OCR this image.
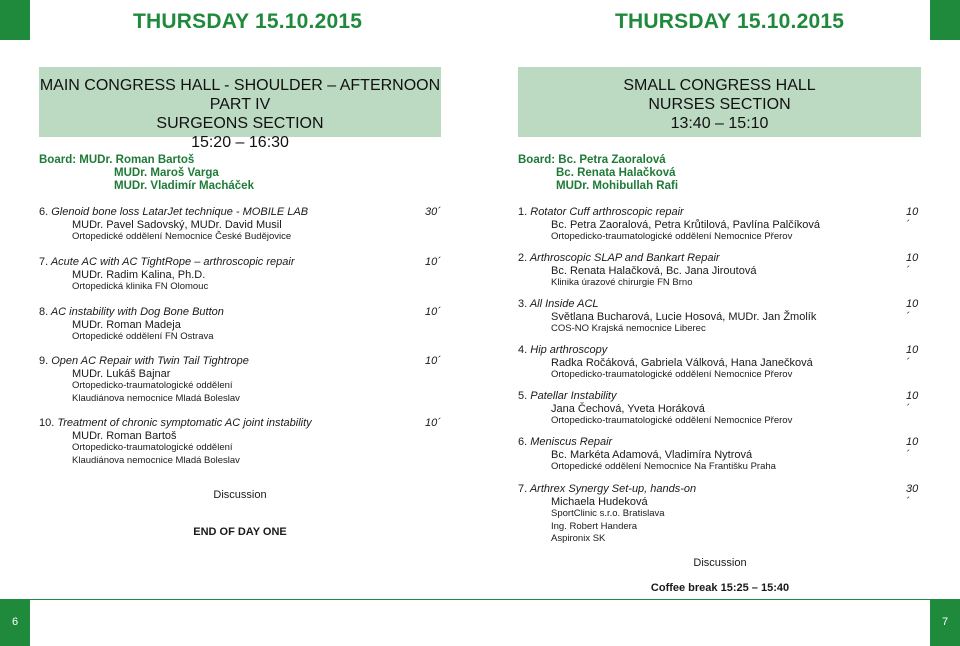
THURSDAY 15.10.2015
MAIN CONGRESS HALL - SHOULDER – AFTERNOON PART IV
SURGEONS SECTION
15:20 – 16:30
Board: MUDr. Roman Bartoš
MUDr. Maroš Varga
MUDr. Vladimír Macháček
6. Glenoid bone loss LatarJet technique - MOBILE LAB	30´
MUDr. Pavel Sadovský, MUDr. David Musil
Ortopedické oddělení Nemocnice České Budějovice
7. Acute AC with AC TightRope – arthroscopic repair	10´
MUDr. Radim Kalina, Ph.D.
Ortopedická klinika FN Olomouc
8. AC instability with Dog Bone Button	10´
MUDr. Roman Madeja
Ortopedické oddělení FN Ostrava
9. Open AC Repair with Twin Tail Tightrope	10´
MUDr. Lukáš Bajnar
Ortopedicko-traumatologické oddělení
Klaudiánova nemocnice Mladá Boleslav
10. Treatment of chronic symptomatic AC joint instability	10´
MUDr. Roman Bartoš
Ortopedicko-traumatologické oddělení
Klaudiánova nemocnice Mladá Boleslav
Discussion
END OF DAY ONE
THURSDAY 15.10.2015
SMALL CONGRESS HALL
NURSES SECTION
13:40 – 15:10
Board: Bc. Petra Zaoralová
Bc. Renata Halačková
MUDr. Mohibullah Rafi
1. Rotator Cuff arthroscopic repair	10´
Bc. Petra Zaoralová, Petra Krůtilová, Pavlína Palčíková
Ortopedicko-traumatologické oddělení Nemocnice Přerov
2. Arthroscopic SLAP and Bankart Repair	10´
Bc. Renata Halačková, Bc. Jana Jiroutová
Klinika úrazové chirurgie FN Brno
3. All Inside ACL	10´
Světlana Bucharová, Lucie Hosová, MUDr. Jan Žmolík
COS-NO Krajská nemocnice Liberec
4. Hip arthroscopy	10´
Radka Ročáková, Gabriela Válková, Hana Janečková
Ortopedicko-traumatologické oddělení Nemocnice Přerov
5. Patellar Instability	10´
Jana Čechová, Yveta Horáková
Ortopedicko-traumatologické oddělení Nemocnice Přerov
6. Meniscus Repair	10´
Bc. Markéta Adamová, Vladimíra Nytrová
Ortopedické oddělení Nemocnice Na Františku Praha
7. Arthrex Synergy Set-up, hands-on	30´
Michaela Hudeková
SportClinic s.r.o. Bratislava
Ing. Robert Handera
Aspironix SK
Discussion
Coffee break 15:25 – 15:40
6	7
